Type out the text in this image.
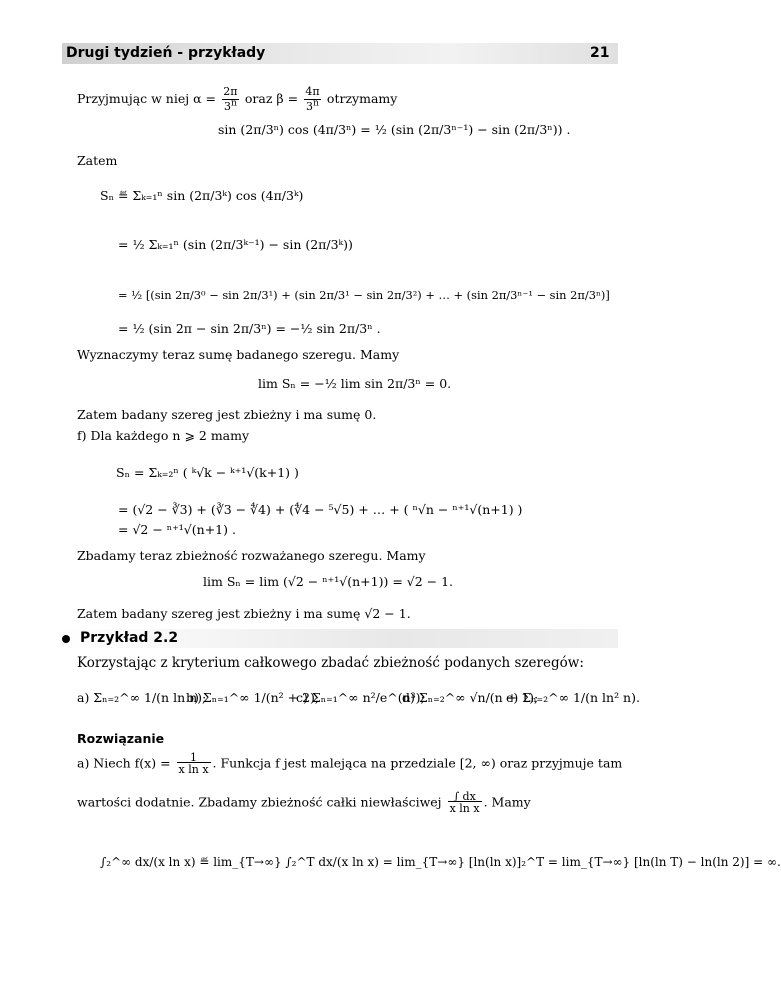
Drugi tydzień - przykłady	21
Przyjmując w niej α = 2π
3$^n$ oraz β = 4π
3$^n$ otrzymamy
sin (2π/3ⁿ) cos (4π/3ⁿ) = ½ (sin (2π/3ⁿ⁻¹) − sin (2π/3ⁿ)) .
Zatem
Sₙ ≝ Σₖ₌₁ⁿ sin (2π/3ᵏ) cos (4π/3ᵏ)
= ½ Σₖ₌₁ⁿ (sin (2π/3ᵏ⁻¹) − sin (2π/3ᵏ))
= ½ [(sin 2π/3⁰ − sin 2π/3¹) + (sin 2π/3¹ − sin 2π/3²) + … + (sin 2π/3ⁿ⁻¹ − sin 2π/3ⁿ)]
= ½ (sin 2π − sin 2π/3ⁿ) = −½ sin 2π/3ⁿ .
Wyznaczymy teraz sumę badanego szeregu. Mamy
lim Sₙ = −½ lim sin 2π/3ⁿ = 0.
Zatem badany szereg jest zbieżny i ma sumę 0.
f) Dla każdego n ⩾ 2 mamy
Sₙ = Σₖ₌₂ⁿ ( ᵏ√k − ᵏ⁺¹√(k+1) )
= (√2 − ∛3) + (∛3 − ∜4) + (∜4 − ⁵√5) + … + ( ⁿ√n − ⁿ⁺¹√(n+1) )
= √2 − ⁿ⁺¹√(n+1) .
Zbadamy teraz zbieżność rozważanego szeregu. Mamy
lim Sₙ = lim (√2 − ⁿ⁺¹√(n+1)) = √2 − 1.
Zatem badany szereg jest zbieżny i ma sumę √2 − 1.
Przykład 2.2
Korzystając z kryterium całkowego zbadać zbieżność podanych szeregów:
a) Σₙ₌₂^∞ 1/(n ln n);
b) Σₙ₌₁^∞ 1/(n² + 2);
c) Σₙ₌₁^∞ n²/e^(n³);
d) Σₙ₌₂^∞ √n/(n + 1);
e) Σₙ₌₂^∞ 1/(n ln² n).
Rozwiązanie
a) Niech f(x) = 1
x ln x . Funkcja f jest malejąca na przedziale [2, ∞) oraz przyjmuje tam
wartości dodatnie. Zbadamy zbieżność całki niewłaściwej ∫ dx
x ln x . Mamy
∫₂^∞ dx/(x ln x) ≝ lim_{T→∞} ∫₂^T dx/(x ln x) = lim_{T→∞} [ln(ln x)]₂^T = lim_{T→∞} [ln(ln T) − ln(ln 2)] = ∞.
